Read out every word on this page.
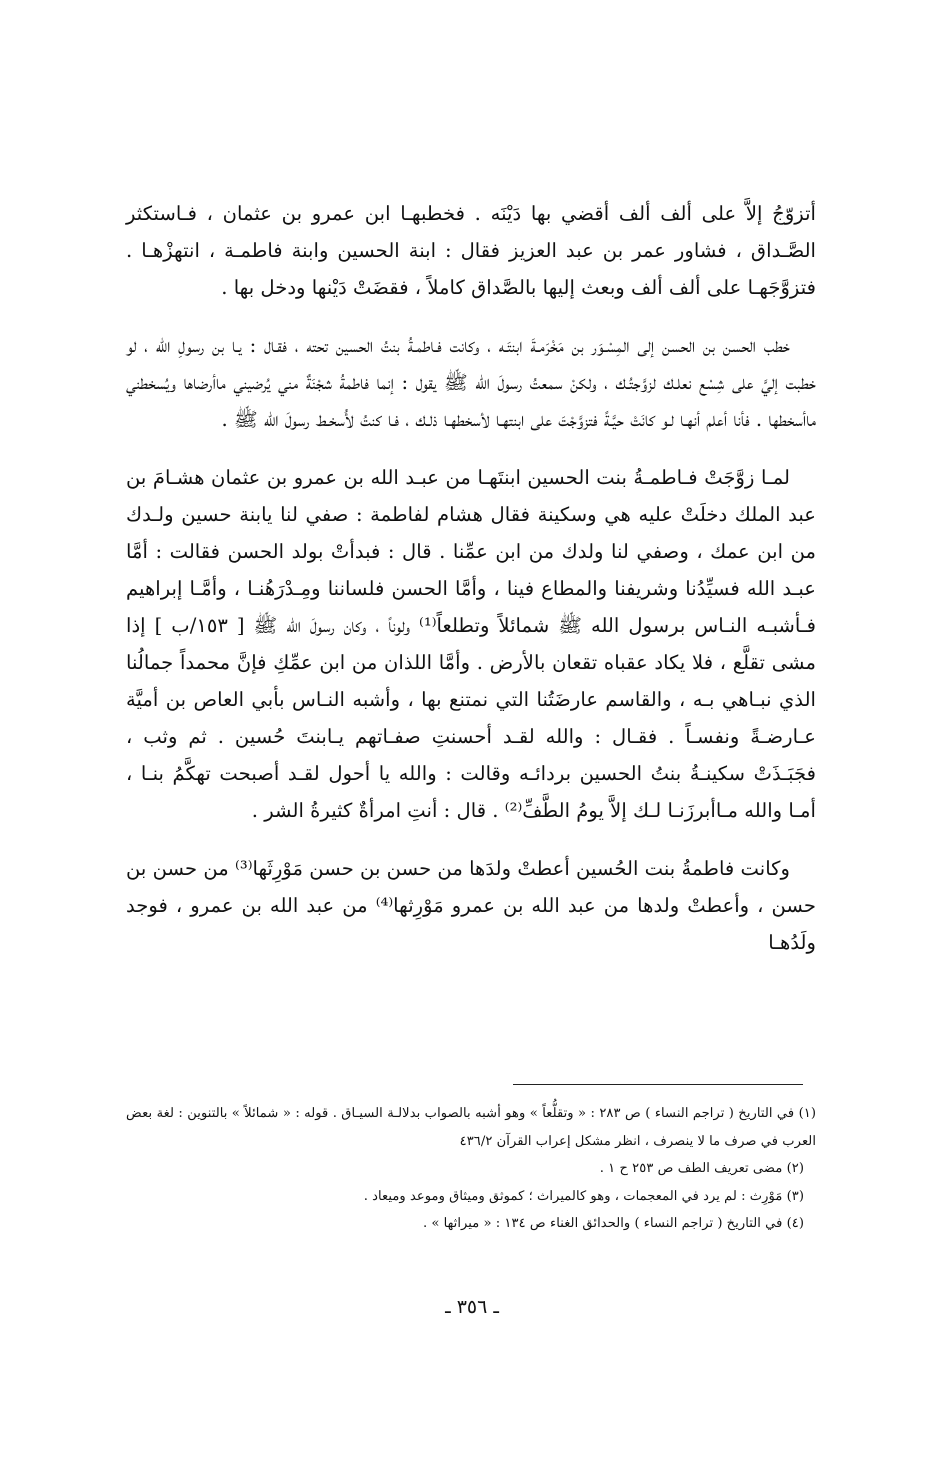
أتزوّجُ إلاَّ على ألف ألف أقضي بها دَيْنَه . فخطبهـا ابن عمرو بن عثمان ، فـاستكثر الصَّـداق ، فشاور عمر بن عبد العزيز فقال : ابنة الحسين وابنة فاطمـة ، انتهزْهـا . فتزوَّجَهـا على ألف ألف وبعث إليها بالصَّداق كاملاً ، فقضَتْ دَيْنها ودخل بها .

خطب الحسن بن الحسن إلى المِسْـوَر بن مَخْرَمـةَ ابنتَـه ، وكانت فـاطمـةُ بنتُ الحسين تحته ، فقـال : يـا بن رسولِ الله ، لو خطبت إليَّ على شِسْع نعلـك لزوَّجتُـك ، ولكنْ سمعتُ رسولَ الله ﷺ يقول : إنما فاطمةُ شجْنَةٌ مني يُرضيني ماأرضاها ويُسخطني ماأسخطها . فأنا أعلم أنهـا لـو كانَتْ حيَّـةً فتزوَّجْتَ على ابنتهـا لأسخطهـا ذلـك ، فـا كنتُ لأُسخـط رسولَ الله ﷺ .

لمـا زوَّجَتْ فـاطمـةُ بنت الحسين ابنتَهـا من عبـد الله بن عمرو بن عثمان هشـامَ بن عبد الملك دخلَتْ عليه هي وسكينة فقال هشام لفاطمة : صفي لنا يابنة حسين ولـدك من ابن عمك ، وصفي لنا ولدك من ابن عمِّنا . قال : فبدأتْ بولد الحسن فقالت : أمَّا عبـد الله فسيِّدُنا وشريفنا والمطاع فينا ، وأمَّا الحسن فلساننا ومِـدْرَهُنـا ، وأمَّـا إبراهيم فـأشبـه النـاس برسول الله ﷺ شمائلاً وتطلعاً⁽¹⁾ ولوناً ، وكان رسولَ الله ﷺ [ ١٥٣/ب ] إذا مشى تقلَّع ، فلا يكاد عقباه تقعان بالأرض . وأمَّا اللذان من ابن عمِّكِ فإنَّ محمداً جمالُنا الذي نبـاهي بـه ، والقاسم عارضَتُنا التي نمتنع بها ، وأشبه النـاس بأبي العاص بن أميَّة عـارضـةً ونفسـاً . فقـال : والله لقـد أحسنتِ صفـاتهم يـابنتَ حُسين . ثم وثب ، فجَبَـذَتْ سكينـةُ بنتُ الحسين بردائـه وقالت : والله يا أحول لقـد أصبحت تهكَّمُ بنـا ، أمـا والله مـاأبرزَنـا لـك إلاَّ يومُ الطَّفِّ⁽²⁾ . قال : أنتِ امرأةٌ كثيرةُ الشر .

وكانت فاطمةُ بنت الحُسين أعطتْ ولدَها من حسن بن حسن مَوْرِثَها⁽³⁾ من حسن بن حسن ، وأعطتْ ولدها من عبد الله بن عمرو مَوْرِثها⁽⁴⁾ من عبد الله بن عمرو ، فوجد ولَدُهـا

(١) في التاريخ ( تراجم النساء ) ص ٢٨٣ : « وتقلُّعاً » وهو أشبه بالصواب بدلالـة السيـاق . قوله : « شمائلاً » بالتنوين : لغة بعض العرب في صرف ما لا ينصرف ، انظر مشكل إعراب القرآن ٤٣٦/٢

(٢) مضى تعريف الطف ص ٢٥٣ ح ١ .

(٣) مَوْرِث : لم يرد في المعجمات ، وهو كالميراث ؛ كموثق وميثاق وموعد وميعاد .

(٤) في التاريخ ( تراجم النساء ) والحدائق الغناء ص ١٣٤ : « ميراثها » .

ـ ٣٥٦ ـ
